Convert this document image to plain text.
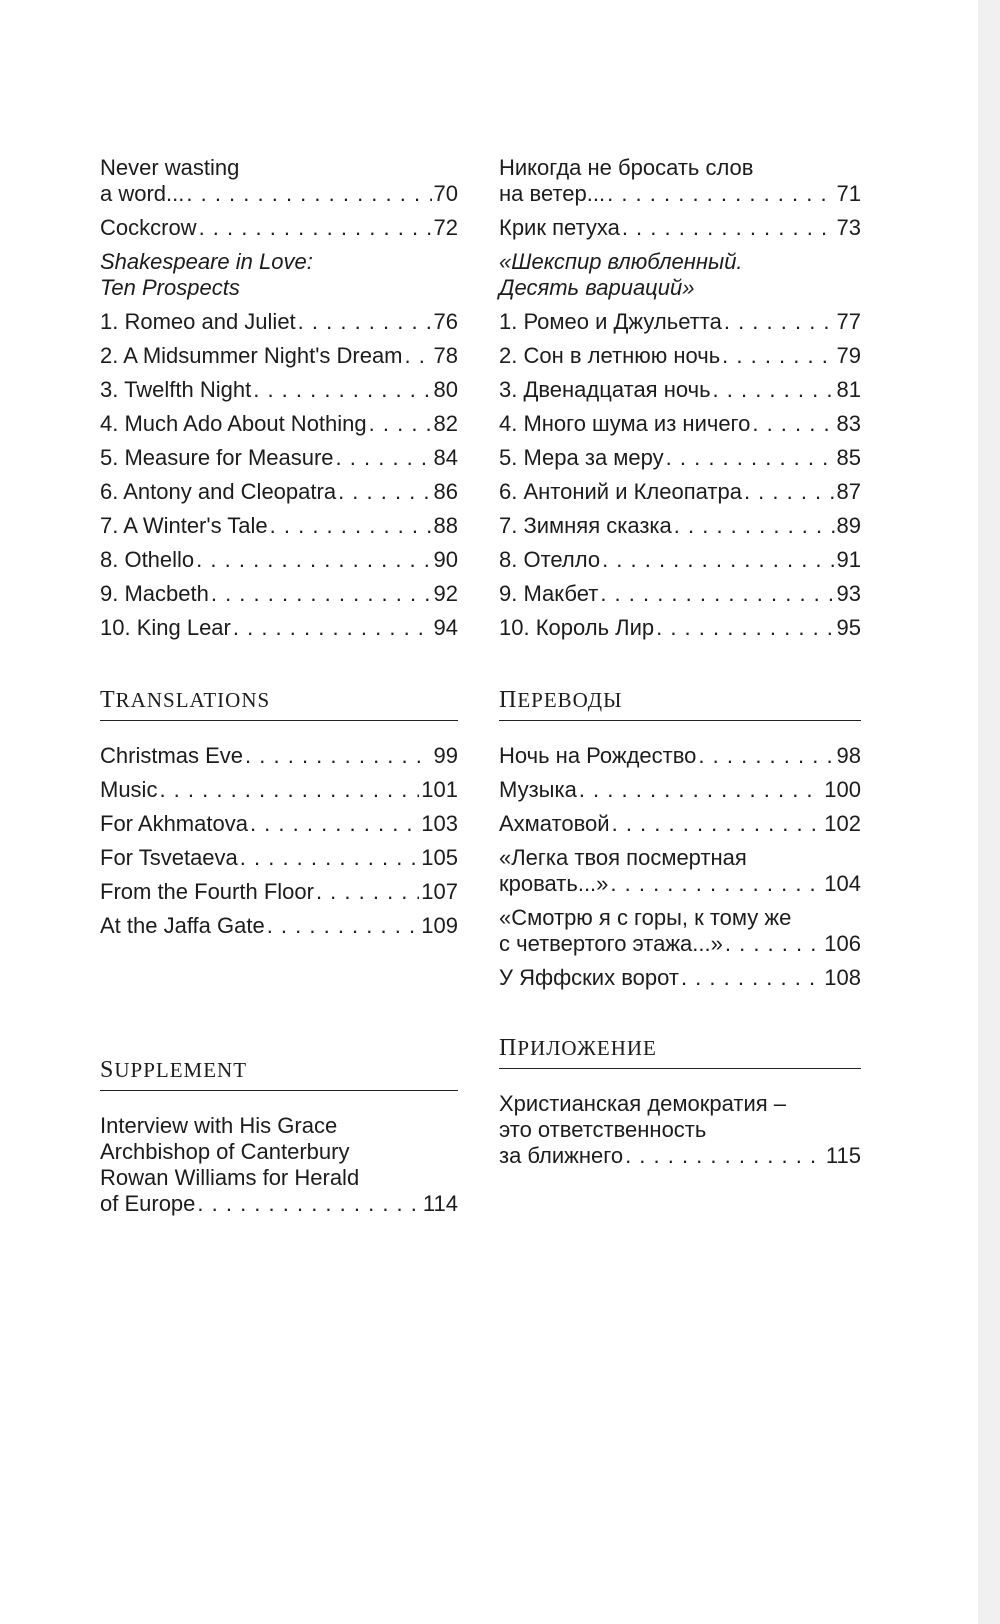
Never wasting
a word... . . .	70
Cockcrow . . .	72
Shakespeare in Love:
Ten Prospects
1. Romeo and Juliet . . .	76
2. A Midsummer Night's Dream . . . 78
3. Twelfth Night . . .	80
4. Much Ado About Nothing . . .	82
5. Measure for Measure . . .	84
6. Antony and Cleopatra . . .	86
7. A Winter's Tale . . .	88
8. Othello . . .	90
9. Macbeth . . .	92
10. King Lear . . .	94
TRANSLATIONS
Christmas Eve . . .	99
Music . . .	101
For Akhmatova . . .	103
For Tsvetaeva . . .	105
From the Fourth Floor . . .	107
At the Jaffa Gate . . .	109
SUPPLEMENT
Interview with His Grace
Archbishop of Canterbury
Rowan Williams for Herald
of Europe . . .	114
Никогда не бросать слов
на ветер... . . .	71
Крик петуха . . .	73
«Шекспир влюбленный.
Десять вариаций»
1. Ромео и Джульетта . . .	77
2. Сон в летнюю ночь . . .	79
3. Двенадцатая ночь . . .	81
4. Много шума из ничего . . .	83
5. Мера за меру . . .	85
6. Антоний и Клеопатра . . .	87
7. Зимняя сказка . . .	89
8. Отелло . . .	91
9. Макбет . . .	93
10. Король Лир . . .	95
ПЕРЕВОДЫ
Ночь на Рождество . . .	98
Музыка . . .	100
Ахматовой . . .	102
«Легка твоя посмертная
кровать...» . . .	104
«Смотрю я с горы, к тому же
с четвертого этажа...» . . .	106
У Яффских ворот . . .	108
ПРИЛОЖЕНИЕ
Христианская демократия –
это ответственность
за ближнего . . .	115
